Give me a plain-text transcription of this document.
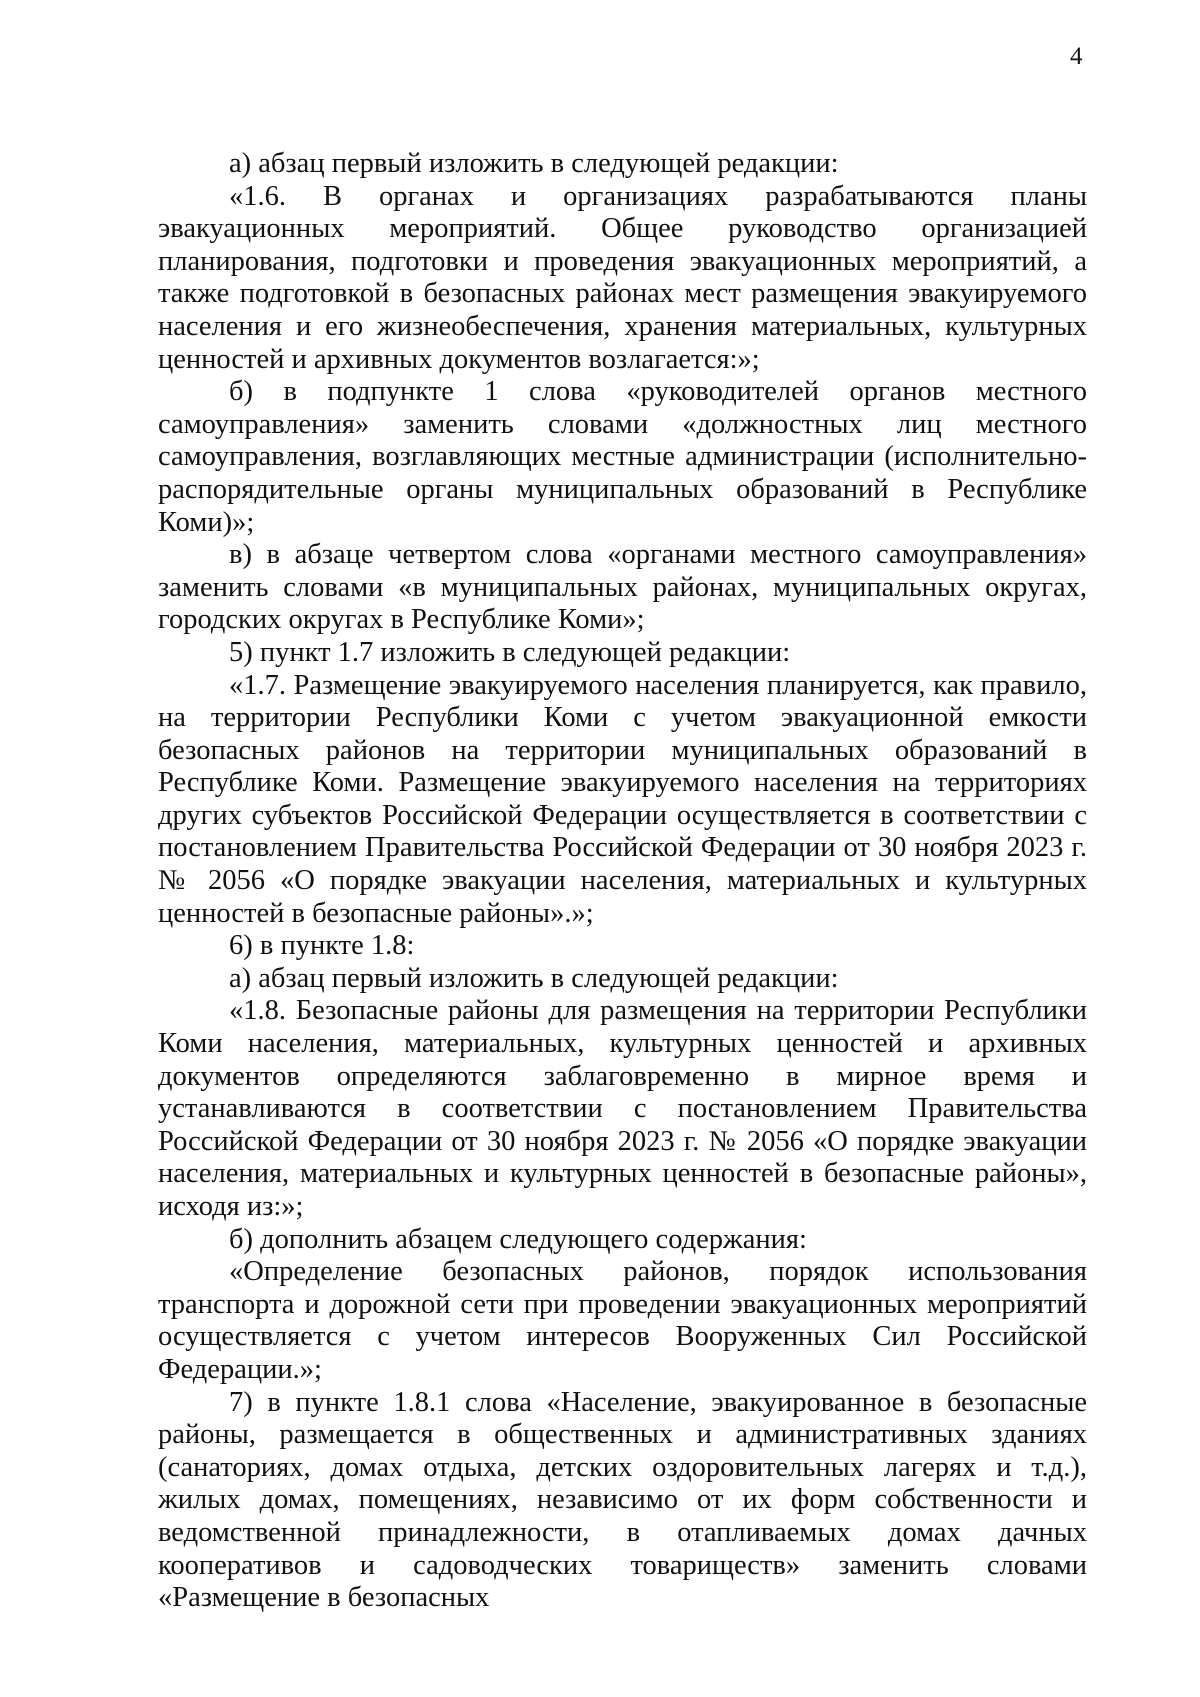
4

а) абзац первый изложить в следующей редакции:

«1.6. В органах и организациях разрабатываются планы эвакуационных мероприятий. Общее руководство организацией планирования, подготовки и проведения эвакуационных мероприятий, а также подготовкой в безопасных районах мест размещения эвакуируемого населения и его жизнеобеспечения, хранения материальных, культурных ценностей и архивных документов возлагается:»;

б) в подпункте 1 слова «руководителей органов местного самоуправления» заменить словами «должностных лиц местного самоуправления, возглавляющих местные администрации (исполнительно-распорядительные органы муниципальных образований в Республике Коми)»;

в) в абзаце четвертом слова «органами местного самоуправления» заменить словами «в муниципальных районах, муниципальных округах, городских округах в Республике Коми»;

5) пункт 1.7 изложить в следующей редакции:

«1.7. Размещение эвакуируемого населения планируется, как правило, на территории Республики Коми с учетом эвакуационной емкости безопасных районов на территории муниципальных образований в Республике Коми. Размещение эвакуируемого населения на территориях других субъектов Российской Федерации осуществляется в соответствии с постановлением Правительства Российской Федерации от 30 ноября 2023 г. № 2056 «О порядке эвакуации населения, материальных и культурных ценностей в безопасные районы».»;

6) в пункте 1.8:

а) абзац первый изложить в следующей редакции:

«1.8. Безопасные районы для размещения на территории Республики Коми населения, материальных, культурных ценностей и архивных документов определяются заблаговременно в мирное время и устанавливаются в соответствии с постановлением Правительства Российской Федерации от 30 ноября 2023 г. № 2056 «О порядке эвакуации населения, материальных и культурных ценностей в безопасные районы», исходя из:»;

б) дополнить абзацем следующего содержания:

«Определение безопасных районов, порядок использования транспорта и дорожной сети при проведении эвакуационных мероприятий осуществляется с учетом интересов Вооруженных Сил Российской Федерации.»;

7) в пункте 1.8.1 слова «Население, эвакуированное в безопасные районы, размещается в общественных и административных зданиях (санаториях, домах отдыха, детских оздоровительных лагерях и т.д.), жилых домах, помещениях, независимо от их форм собственности и ведомственной принадлежности, в отапливаемых домах дачных кооперативов и садоводческих товариществ» заменить словами «Размещение в безопасных
